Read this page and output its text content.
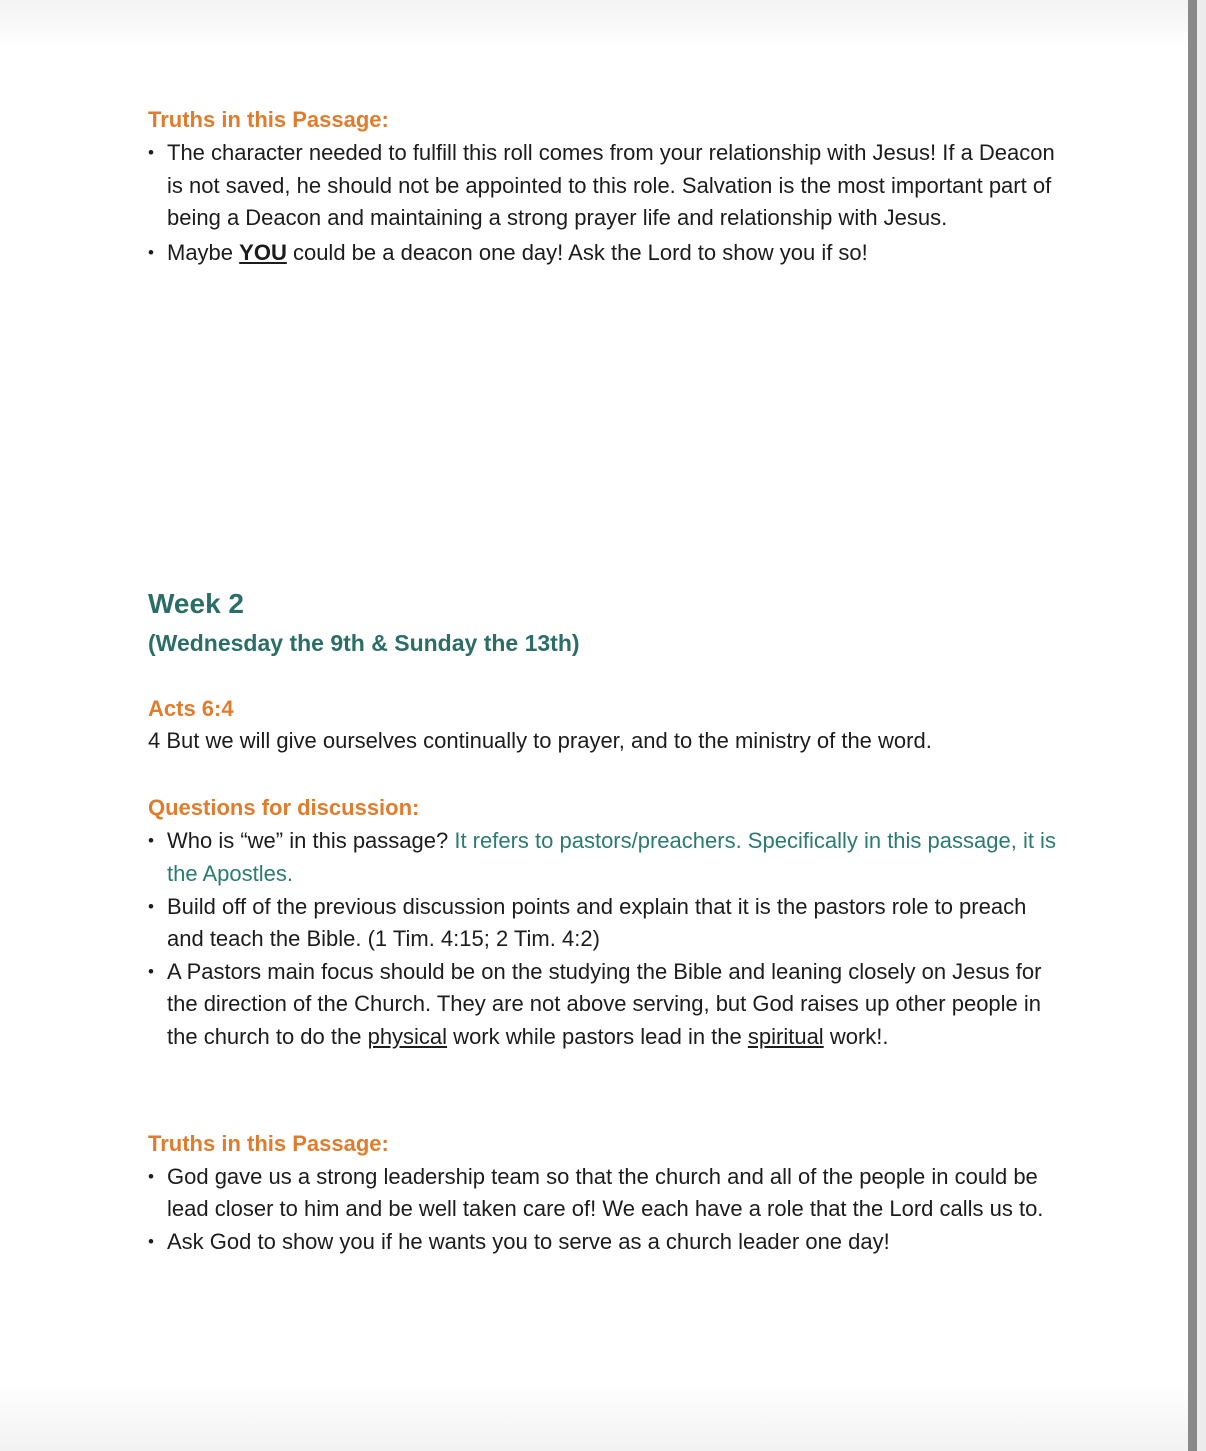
Truths in this Passage:

• The character needed to fulfill this roll comes from your relationship with Jesus! If a Deacon is not saved, he should not be appointed to this role. Salvation is the most important part of being a Deacon and maintaining a strong prayer life and relationship with Jesus.
• Maybe YOU could be a deacon one day! Ask the Lord to show you if so!
Week 2

(Wednesday the 9th & Sunday the 13th)

Acts 6:4

4 But we will give ourselves continually to prayer, and to the ministry of the word.

Questions for discussion:

• Who is “we” in this passage? It refers to pastors/preachers. Specifically in this passage, it is the Apostles.
• Build off of the previous discussion points and explain that it is the pastors role to preach and teach the Bible. (1 Tim. 4:15; 2 Tim. 4:2)
• A Pastors main focus should be on the studying the Bible and leaning closely on Jesus for the direction of the Church. They are not above serving, but God raises up other people in the church to do the physical work while pastors lead in the spiritual work!.

Truths in this Passage:

• God gave us a strong leadership team so that the church and all of the people in could be lead closer to him and be well taken care of! We each have a role that the Lord calls us to.
• Ask God to show you if he wants you to serve as a church leader one day!
